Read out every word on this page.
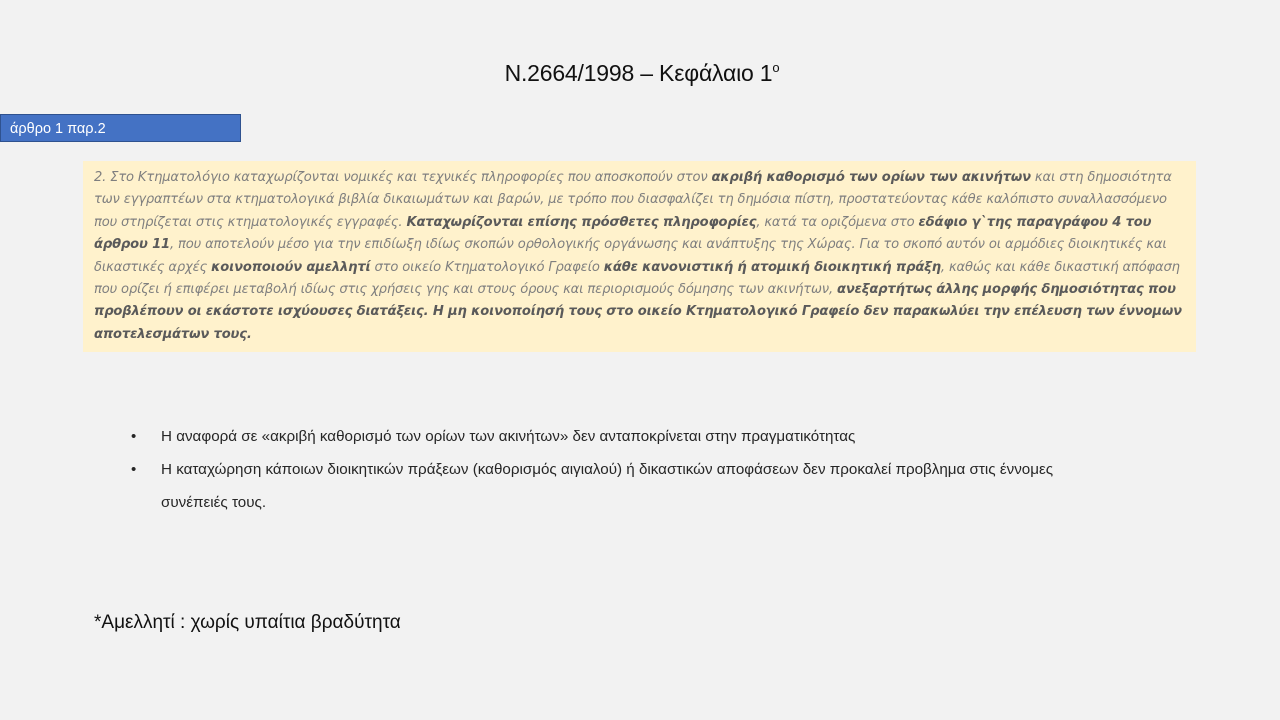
Ν.2664/1998 – Κεφάλαιο $1^o$
άρθρο 1 παρ.2
2. Στο Κτηματολόγιο καταχωρίζονται νομικές και τεχνικές πληροφορίες που αποσκοπούν στον ακριβή καθορισμό των ορίων των ακινήτων και στη δημοσιότητα των εγγραπτέων στα κτηματολογικά βιβλία δικαιωμάτων και βαρών, με τρόπο που διασφαλίζει τη δημόσια πίστη, προστατεύοντας κάθε καλόπιστο συναλλασσόμενο που στηρίζεται στις κτηματολογικές εγγραφές. Καταχωρίζονται επίσης πρόσθετες πληροφορίες, κατά τα οριζόμενα στο εδάφιο γ`της παραγράφου 4 του άρθρου 11, που αποτελούν μέσο για την επιδίωξη ιδίως σκοπών ορθολογικής οργάνωσης και ανάπτυξης της Χώρας. Για το σκοπό αυτόν οι αρμόδιες διοικητικές και δικαστικές αρχές κοινοποιούν αμελλητί στο οικείο Κτηματολογικό Γραφείο κάθε κανονιστική ή ατομική διοικητική πράξη, καθώς και κάθε δικαστική απόφαση που ορίζει ή επιφέρει μεταβολή ιδίως στις χρήσεις γης και στους όρους και περιορισμούς δόμησης των ακινήτων, ανεξαρτήτως άλλης μορφής δημοσιότητας που προβλέπουν οι εκάστοτε ισχύουσες διατάξεις. Η μη κοινοποίησή τους στο οικείο Κτηματολογικό Γραφείο δεν παρακωλύει την επέλευση των έννομων αποτελεσμάτων τους.
• Η αναφορά σε «ακριβή καθορισμό των ορίων των ακινήτων» δεν ανταποκρίνεται στην πραγματικότητας
• Η καταχώρηση κάποιων διοικητικών πράξεων (καθορισμός αιγιαλού) ή δικαστικών αποφάσεων δεν προκαλεί προβλημα στις έννομες συνέπειές τους.
*Αμελλητί : χωρίς υπαίτια βραδύτητα
